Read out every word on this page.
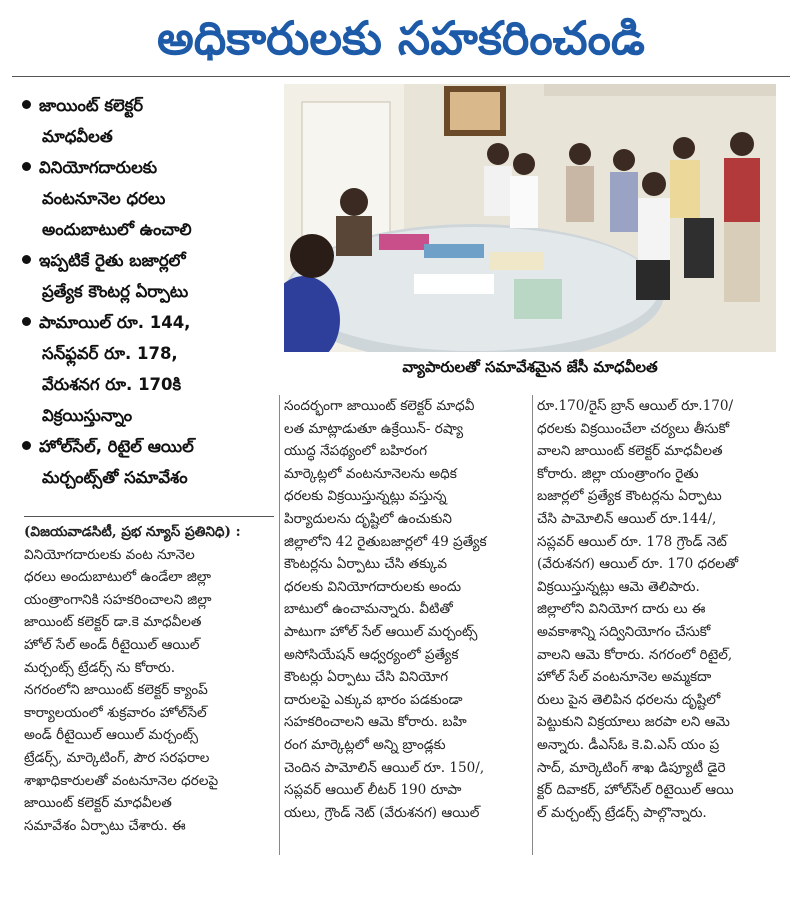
అధికారులకు సహకరించండి
జాయింట్ కలెక్టర్
మాధవీలత
వినియోగదారులకు
వంటనూనెల ధరలు
అందుబాటులో ఉంచాలి
ఇప్పటికే రైతు బజార్లలో
ప్రత్యేక కౌంటర్ల ఏర్పాటు
పామాయిల్ రూ. 144,
సన్‌ఫ్లవర్ రూ. 178,
వేరుశనగ రూ. 170కి
విక్రయిస్తున్నాం
హోల్‌సేల్, రిటైల్ ఆయిల్
మర్చంట్స్‌తో సమావేశం
వ్యాపారులతో సమావేశమైన జేసీ మాధవీలత
(విజయవాడసిటీ, ప్రభ న్యూస్ ప్రతినిధి) :
వినియోగదారులకు వంట నూనెల
ధరలు అందుబాటులో ఉండేలా జిల్లా
యంత్రాంగానికి సహకరించాలని జిల్లా
జాయింట్ కలెక్టర్ డా.కె మాధవీలత
హోల్ సేల్ అండ్ రీటైయిల్ ఆయిల్
మర్చంట్స్ ట్రేడర్స్ ను కోరారు.
నగరంలోని జాయింట్ కలెక్టర్ క్యాంప్
కార్యాలయంలో శుక్రవారం హోల్‌సేల్
అండ్ రీటైయిల్ ఆయిల్ మర్చంట్స్
ట్రేడర్స్, మార్కెటింగ్, పౌర సరఫరాల
శాఖాధికారులతో వంటనూనెల ధరలపై
జాయింట్ కలెక్టర్ మాధవీలత
సమావేశం ఏర్పాటు చేశారు. ఈ
సందర్భంగా జాయింట్ కలెక్టర్ మాధవీ
లత మాట్లాడుతూ ఉక్రేయిన్- రష్యా
యుద్ధ నేపథ్యంలో బహిరంగ
మార్కెట్లలో వంటనూనెలను అధిక
ధరలకు విక్రయిస్తున్నట్లు వస్తున్న
పిర్యాదులను దృష్టిలో ఉంచుకుని
జిల్లాలోని 42 రైతుబజార్లలో 49 ప్రత్యేక
కౌంటర్లను ఏర్పాటు చేసి తక్కువ
ధరలకు వినియోగదారులకు అందు
బాటులో ఉంచామన్నారు. వీటితో
పాటుగా హోల్ సేల్ ఆయిల్ మర్చంట్స్
అసోసియేషన్ ఆధ్వర్యంలో ప్రత్యేక
కౌంటర్లు ఏర్పాటు చేసి వినియోగ
దారులపై ఎక్కువ భారం పడకుండా
సహకరించాలని ఆమె కోరారు. బహి
రంగ మార్కెట్లలో అన్ని బ్రాండ్లకు
చెందిన పామోలిన్ ఆయిల్ రూ. 150/,
సప్లవర్ ఆయిల్ లీటర్ 190 రూపా
యలు, గ్రౌండ్ నెట్ (వేరుశనగ) ఆయిల్
రూ.170/రైస్ బ్రాన్ ఆయిల్ రూ.170/
ధరలకు విక్రయించేలా చర్యలు తీసుకో
వాలని జాయింట్ కలెక్టర్ మాధవీలత
కోరారు. జిల్లా యంత్రాంగం రైతు
బజార్లలో ప్రత్యేక కౌంటర్లను ఏర్పాటు
చేసి పామోలిన్ ఆయిల్ రూ.144/,
సప్లవర్ ఆయిల్ రూ. 178 గ్రౌండ్ నెట్
(వేరుశనగ) ఆయిల్ రూ. 170 ధరలతో
విక్రయిస్తున్నట్లు ఆమె తెలిపారు.
జిల్లాలోని వినియోగ దారు లు ఈ
అవకాశాన్ని సద్వినియోగం చేసుకో
వాలని ఆమె కోరారు. నగరంలో రిటైల్,
హోల్ సేల్ వంటనూనెల అమ్మకదా
రులు పైన తెలిపిన ధరలను దృష్టిలో
పెట్టుకుని విక్రయాలు జరపా లని ఆమె
అన్నారు. డీఎస్ఓ కె.వి.ఎస్ యం ప్ర
సాద్, మార్కెటింగ్ శాఖ డిప్యూటీ డైరె
క్టర్ దివాకర్, హోల్‌సేల్ రిటైయిల్ ఆయి
ల్ మర్చంట్స్ ట్రేడర్స్ పాల్గొన్నారు.
